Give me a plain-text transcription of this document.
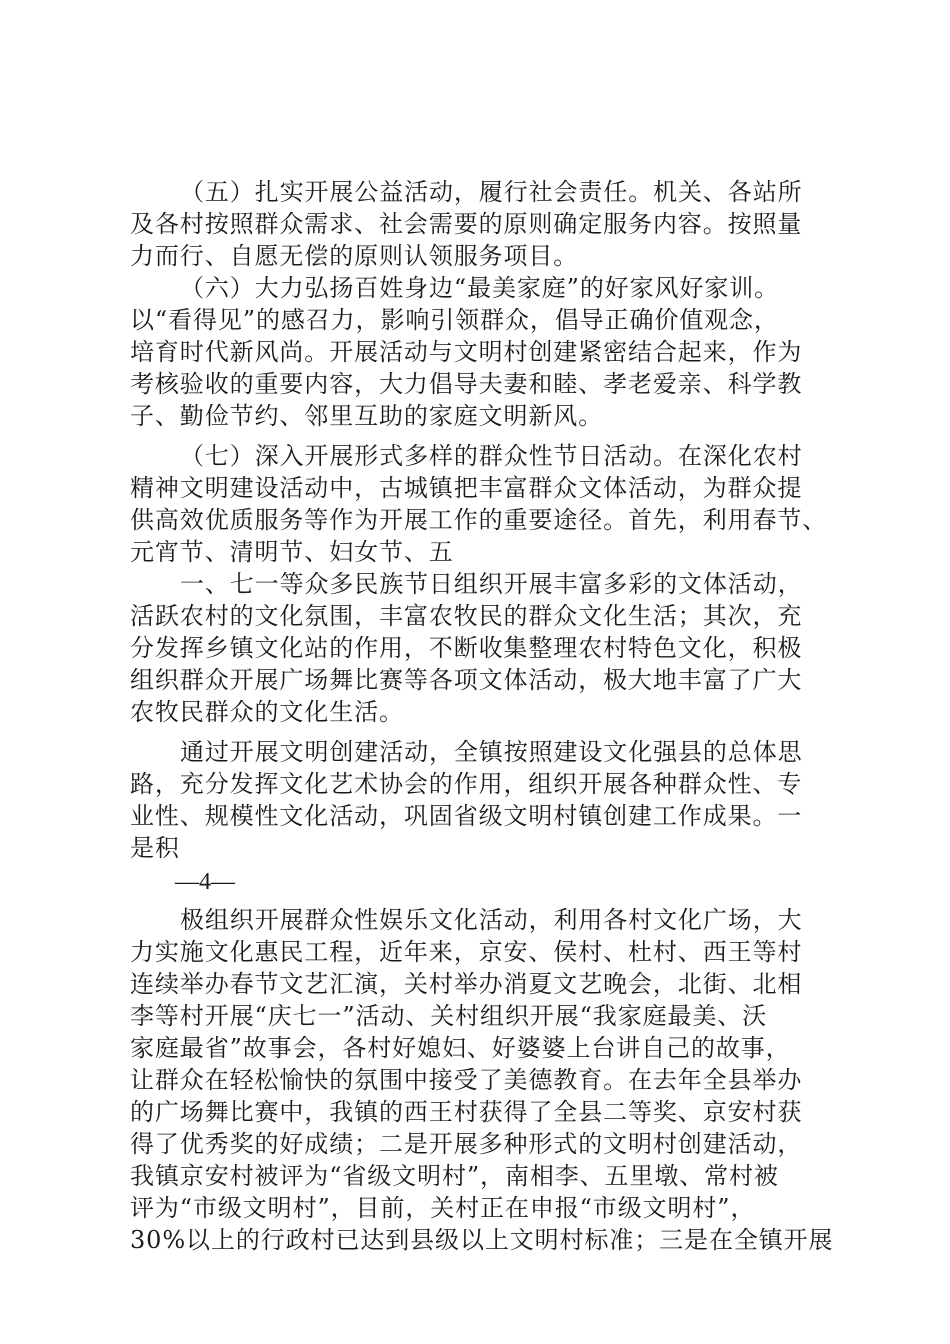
（五）扎实开展公益活动，履行社会责任。机关、各站所

及各村按照群众需求、社会需要的原则确定服务内容。按照量

力而行、自愿无偿的原则认领服务项目。

（六）大力弘扬百姓身边“最美家庭”的好家风好家训。

以“看得见”的感召力，影响引领群众，倡导正确价值观念，

培育时代新风尚。开展活动与文明村创建紧密结合起来，作为

考核验收的重要内容，大力倡导夫妻和睦、孝老爱亲、科学教

子、勤俭节约、邻里互助的家庭文明新风。

（七）深入开展形式多样的群众性节日活动。在深化农村

精神文明建设活动中，古城镇把丰富群众文体活动，为群众提

供高效优质服务等作为开展工作的重要途径。首先，利用春节、

元宵节、清明节、妇女节、五

一、七一等众多民族节日组织开展丰富多彩的文体活动，

活跃农村的文化氛围，丰富农牧民的群众文化生活；其次，充

分发挥乡镇文化站的作用，不断收集整理农村特色文化，积极

组织群众开展广场舞比赛等各项文体活动，极大地丰富了广大

农牧民群众的文化生活。

通过开展文明创建活动，全镇按照建设文化强县的总体思

路，充分发挥文化艺术协会的作用，组织开展各种群众性、专

业性、规模性文化活动，巩固省级文明村镇创建工作成果。一

是积

—4—

极组织开展群众性娱乐文化活动，利用各村文化广场，大

力实施文化惠民工程，近年来，京安、侯村、杜村、西王等村

连续举办春节文艺汇演，关村举办消夏文艺晚会，北街、北相

李等村开展“庆七一”活动、关村组织开展“我家庭最美、沃

家庭最省”故事会，各村好媳妇、好婆婆上台讲自己的故事，

让群众在轻松愉快的氛围中接受了美德教育。在去年全县举办

的广场舞比赛中，我镇的西王村获得了全县二等奖、京安村获

得了优秀奖的好成绩；二是开展多种形式的文明村创建活动，

我镇京安村被评为“省级文明村”，南相李、五里墩、常村被

评为“市级文明村”，目前，关村正在申报“市级文明村”，

30%以上的行政村已达到县级以上文明村标准；三是在全镇开展
